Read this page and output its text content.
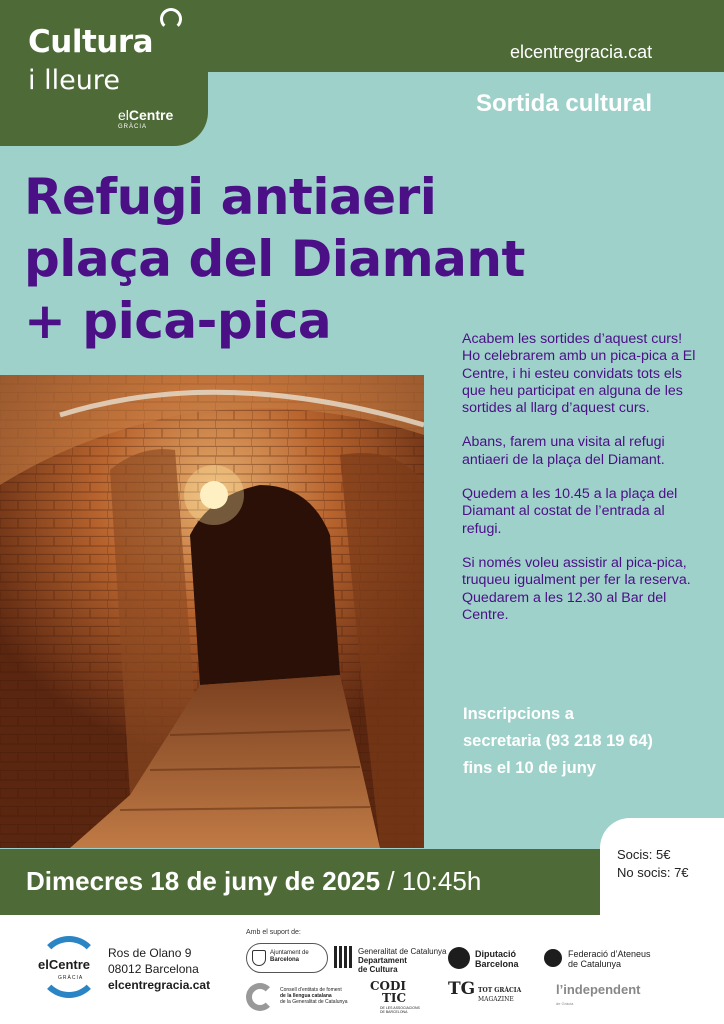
Cultura
i lleure
elCentre
GRÀCIA
elcentregracia.cat
Sortida cultural
Refugi antiaeri
plaça del Diamant
+ pica-pica	Acabem les sortides d’aquest curs! Ho celebrarem amb un pica-pica a El Centre, i hi esteu convidats tots els que heu participat en alguna de les sortides al llarg d’aquest curs.

Abans, farem una visita al refugi antiaeri de la plaça del Diamant.

Quedem a les 10.45 a la plaça del Diamant al costat de l’entrada al refugi.

Si només voleu assistir al pica-pica, truqueu igualment per fer la reserva. Quedarem a les 12.30 al Bar del Centre.

Inscripcions a
secretaria (93 218 19 64)
fins el 10 de juny
Dimecres 18 de juny de 2025 / 10:45h
Socis: 5€
No socis: 7€
elCentre
GRÀCIA
Ros de Olano 9
08012 Barcelona
elcentregracia.cat
Amb el suport de:
Ajuntament de
Barcelona
Generalitat de Catalunya
Departament
de Cultura
Diputació
Barcelona
Federació d’Ateneus
de Catalunya
Consell d’entitats de foment
de la llengua catalana
de la Generalitat de Catalunya
CODI
TIC
DE LES ASSOCIACIONS DE BARCELONA
TG TOT GRÀCIA
MAGAZINE
l’independent
de Gràcia
